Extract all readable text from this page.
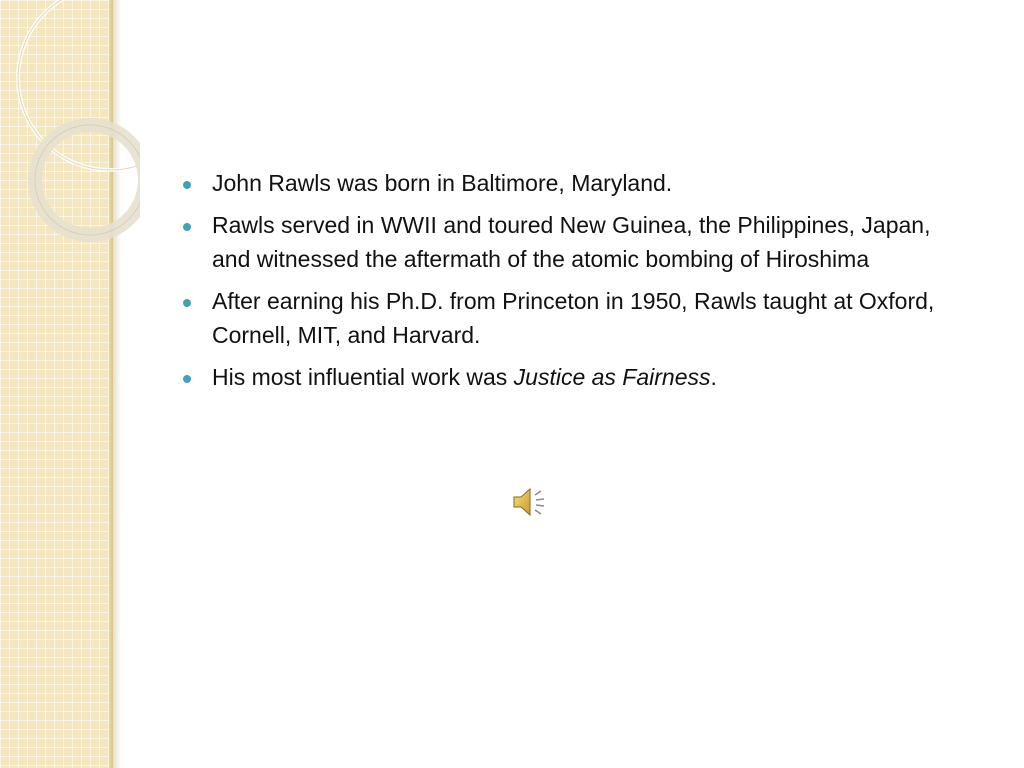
John Rawls was born in Baltimore, Maryland.
Rawls served in WWII and toured New Guinea, the Philippines, Japan, and witnessed the aftermath of the atomic bombing of Hiroshima
After earning his Ph.D. from Princeton in 1950, Rawls taught at Oxford, Cornell, MIT, and Harvard.
His most influential work was Justice as Fairness.
